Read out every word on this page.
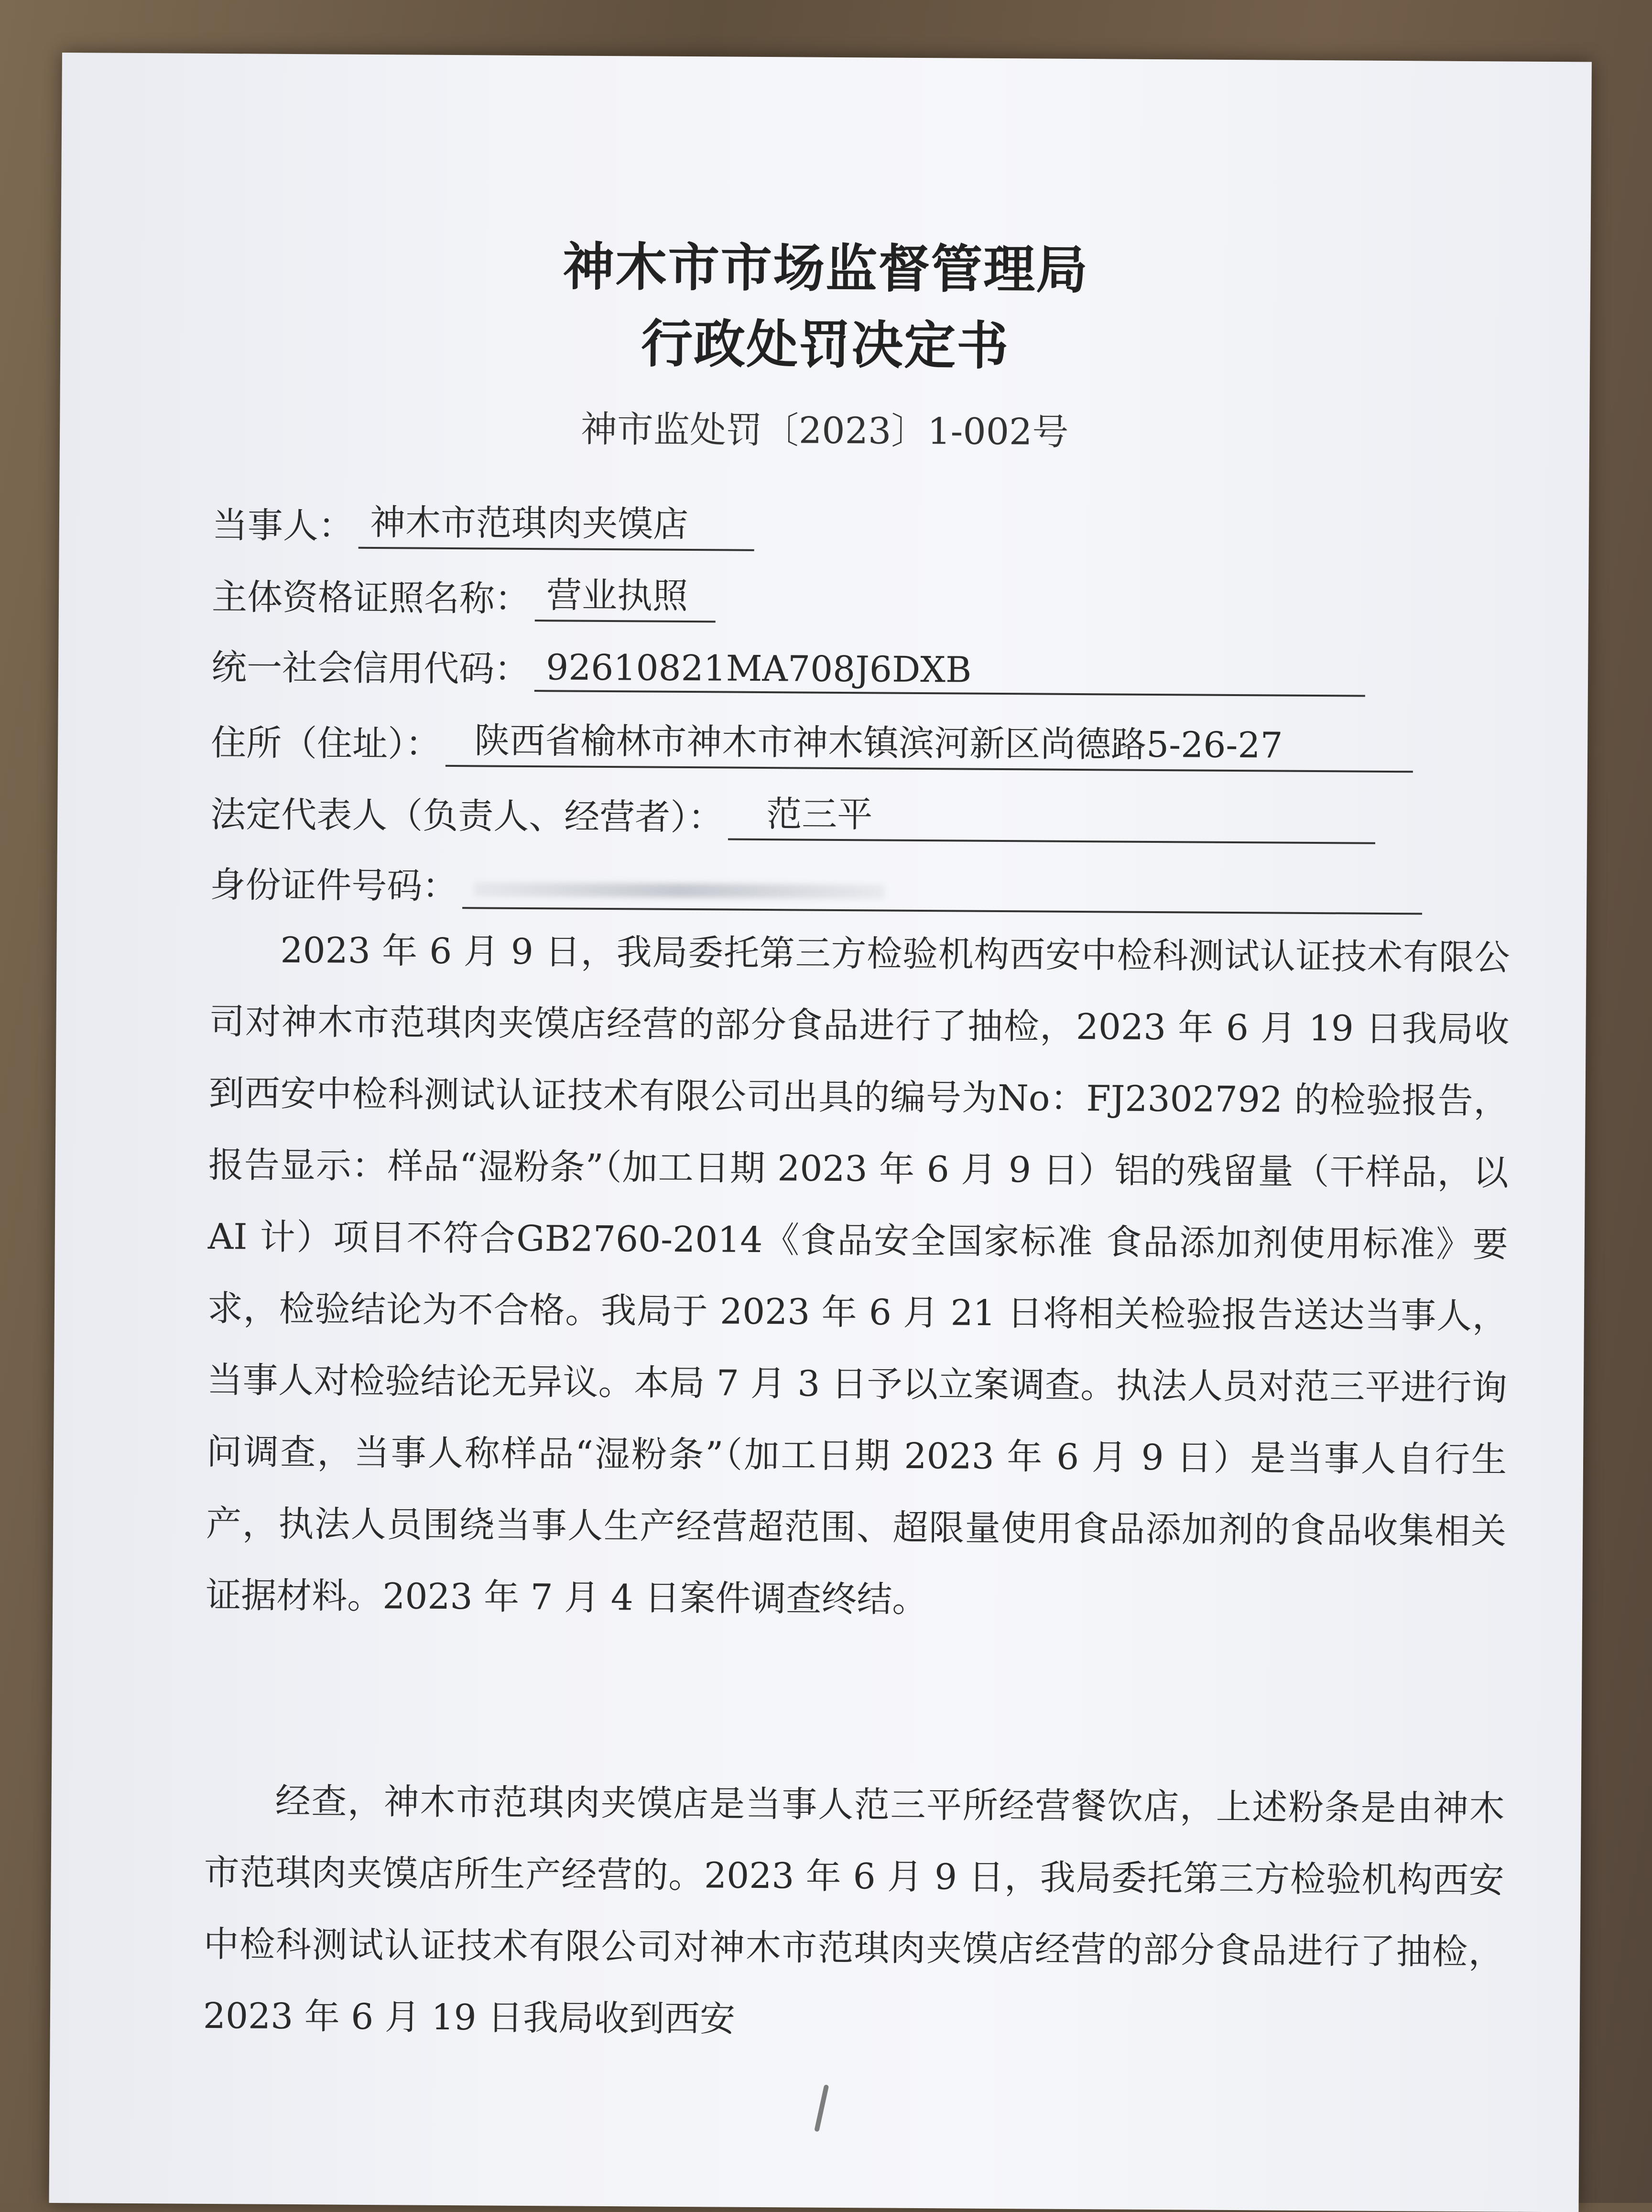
神木市市场监督管理局
行政处罚决定书
神市监处罚〔2023〕1-002号
当事人： 神木市范琪肉夹馍店
主体资格证照名称： 营业执照
统一社会信用代码： 92610821MA708J6DXB
住所（住址）： 陕西省榆林市神木市神木镇滨河新区尚德路5-26-27
法定代表人（负责人、经营者）：	范三平
身份证件号码：

2023 年 6 月 9 日，我局委托第三方检验机构西安中检科测试认证技术有限公司对神木市范琪肉夹馍店经营的部分食品进行了抽检，2023 年 6 月 19 日我局收到西安中检科测试认证技术有限公司出具的编号为No：FJ2302792 的检验报告，报告显示：样品“湿粉条”（加工日期 2023 年 6 月 9 日）铝的残留量（干样品，以 AI 计）项目不符合GB2760-2014《食品安全国家标准 食品添加剂使用标准》要求，检验结论为不合格。我局于 2023 年 6 月 21 日将相关检验报告送达当事人，当事人对检验结论无异议。本局 7 月 3 日予以立案调查。执法人员对范三平进行询问调查，当事人称样品“湿粉条”（加工日期 2023 年 6 月 9 日）是当事人自行生产，执法人员围绕当事人生产经营超范围、超限量使用食品添加剂的食品收集相关证据材料。2023 年 7 月 4 日案件调查终结。

经查，神木市范琪肉夹馍店是当事人范三平所经营餐饮店，上述粉条是由神木市范琪肉夹馍店所生产经营的。2023 年 6 月 9 日，我局委托第三方检验机构西安中检科测试认证技术有限公司对神木市范琪肉夹馍店经营的部分食品进行了抽检，2023 年 6 月 19 日我局收到西安
